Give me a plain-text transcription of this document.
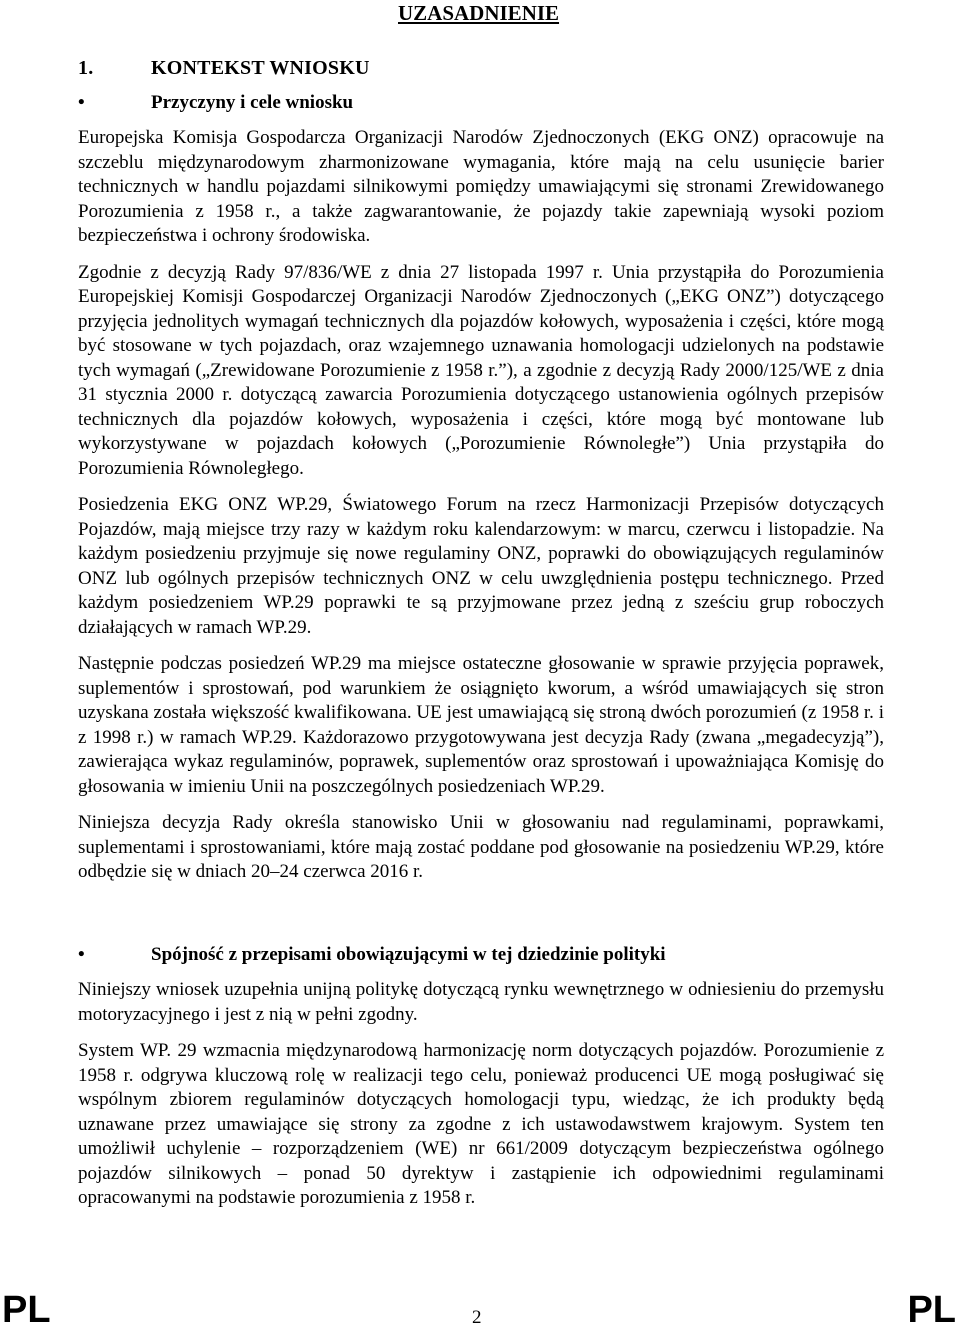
UZASADNIENIE
1.	KONTEKST WNIOSKU
•	Przyczyny i cele wniosku

Europejska Komisja Gospodarcza Organizacji Narodów Zjednoczonych (EKG ONZ) opracowuje na szczeblu międzynarodowym zharmonizowane wymagania, które mają na celu usunięcie barier technicznych w handlu pojazdami silnikowymi pomiędzy umawiającymi się stronami Zrewidowanego Porozumienia z 1958 r., a także zagwarantowanie, że pojazdy takie zapewniają wysoki poziom bezpieczeństwa i ochrony środowiska.

Zgodnie z decyzją Rady 97/836/WE z dnia 27 listopada 1997 r. Unia przystąpiła do Porozumienia Europejskiej Komisji Gospodarczej Organizacji Narodów Zjednoczonych („EKG ONZ”) dotyczącego przyjęcia jednolitych wymagań technicznych dla pojazdów kołowych, wyposażenia i części, które mogą być stosowane w tych pojazdach, oraz wzajemnego uznawania homologacji udzielonych na podstawie tych wymagań („Zrewidowane Porozumienie z 1958 r.”), a zgodnie z decyzją Rady 2000/125/WE z dnia 31 stycznia 2000 r. dotyczącą zawarcia Porozumienia dotyczącego ustanowienia ogólnych przepisów technicznych dla pojazdów kołowych, wyposażenia i części, które mogą być montowane lub wykorzystywane w pojazdach kołowych („Porozumienie Równoległe”) Unia przystąpiła do Porozumienia Równoległego.

Posiedzenia EKG ONZ WP.29, Światowego Forum na rzecz Harmonizacji Przepisów dotyczących Pojazdów, mają miejsce trzy razy w każdym roku kalendarzowym: w marcu, czerwcu i listopadzie. Na każdym posiedzeniu przyjmuje się nowe regulaminy ONZ, poprawki do obowiązujących regulaminów ONZ lub ogólnych przepisów technicznych ONZ w celu uwzględnienia postępu technicznego. Przed każdym posiedzeniem WP.29 poprawki te są przyjmowane przez jedną z sześciu grup roboczych działających w ramach WP.29.

Następnie podczas posiedzeń WP.29 ma miejsce ostateczne głosowanie w sprawie przyjęcia poprawek, suplementów i sprostowań, pod warunkiem że osiągnięto kworum, a wśród umawiających się stron uzyskana została większość kwalifikowana. UE jest umawiającą się stroną dwóch porozumień (z 1958 r. i z 1998 r.) w ramach WP.29. Każdorazowo przygotowywana jest decyzja Rady (zwana „megadecyzją”), zawierająca wykaz regulaminów, poprawek, suplementów oraz sprostowań i upoważniająca Komisję do głosowania w imieniu Unii na poszczególnych posiedzeniach WP.29.

Niniejsza decyzja Rady określa stanowisko Unii w głosowaniu nad regulaminami, poprawkami, suplementami i sprostowaniami, które mają zostać poddane pod głosowanie na posiedzeniu WP.29, które odbędzie się w dniach 20–24 czerwca 2016 r.

•	Spójność z przepisami obowiązującymi w tej dziedzinie polityki

Niniejszy wniosek uzupełnia unijną politykę dotyczącą rynku wewnętrznego w odniesieniu do przemysłu motoryzacyjnego i jest z nią w pełni zgodny.

System WP. 29 wzmacnia międzynarodową harmonizację norm dotyczących pojazdów. Porozumienie z 1958 r. odgrywa kluczową rolę w realizacji tego celu, ponieważ producenci UE mogą posługiwać się wspólnym zbiorem regulaminów dotyczących homologacji typu, wiedząc, że ich produkty będą uznawane przez umawiające się strony za zgodne z ich ustawodawstwem krajowym. System ten umożliwił uchylenie – rozporządzeniem (WE) nr 661/2009 dotyczącym bezpieczeństwa ogólnego pojazdów silnikowych – ponad 50 dyrektyw i zastąpienie ich odpowiednimi regulaminami opracowanymi na podstawie porozumienia z 1958 r.

PL	2	PL
